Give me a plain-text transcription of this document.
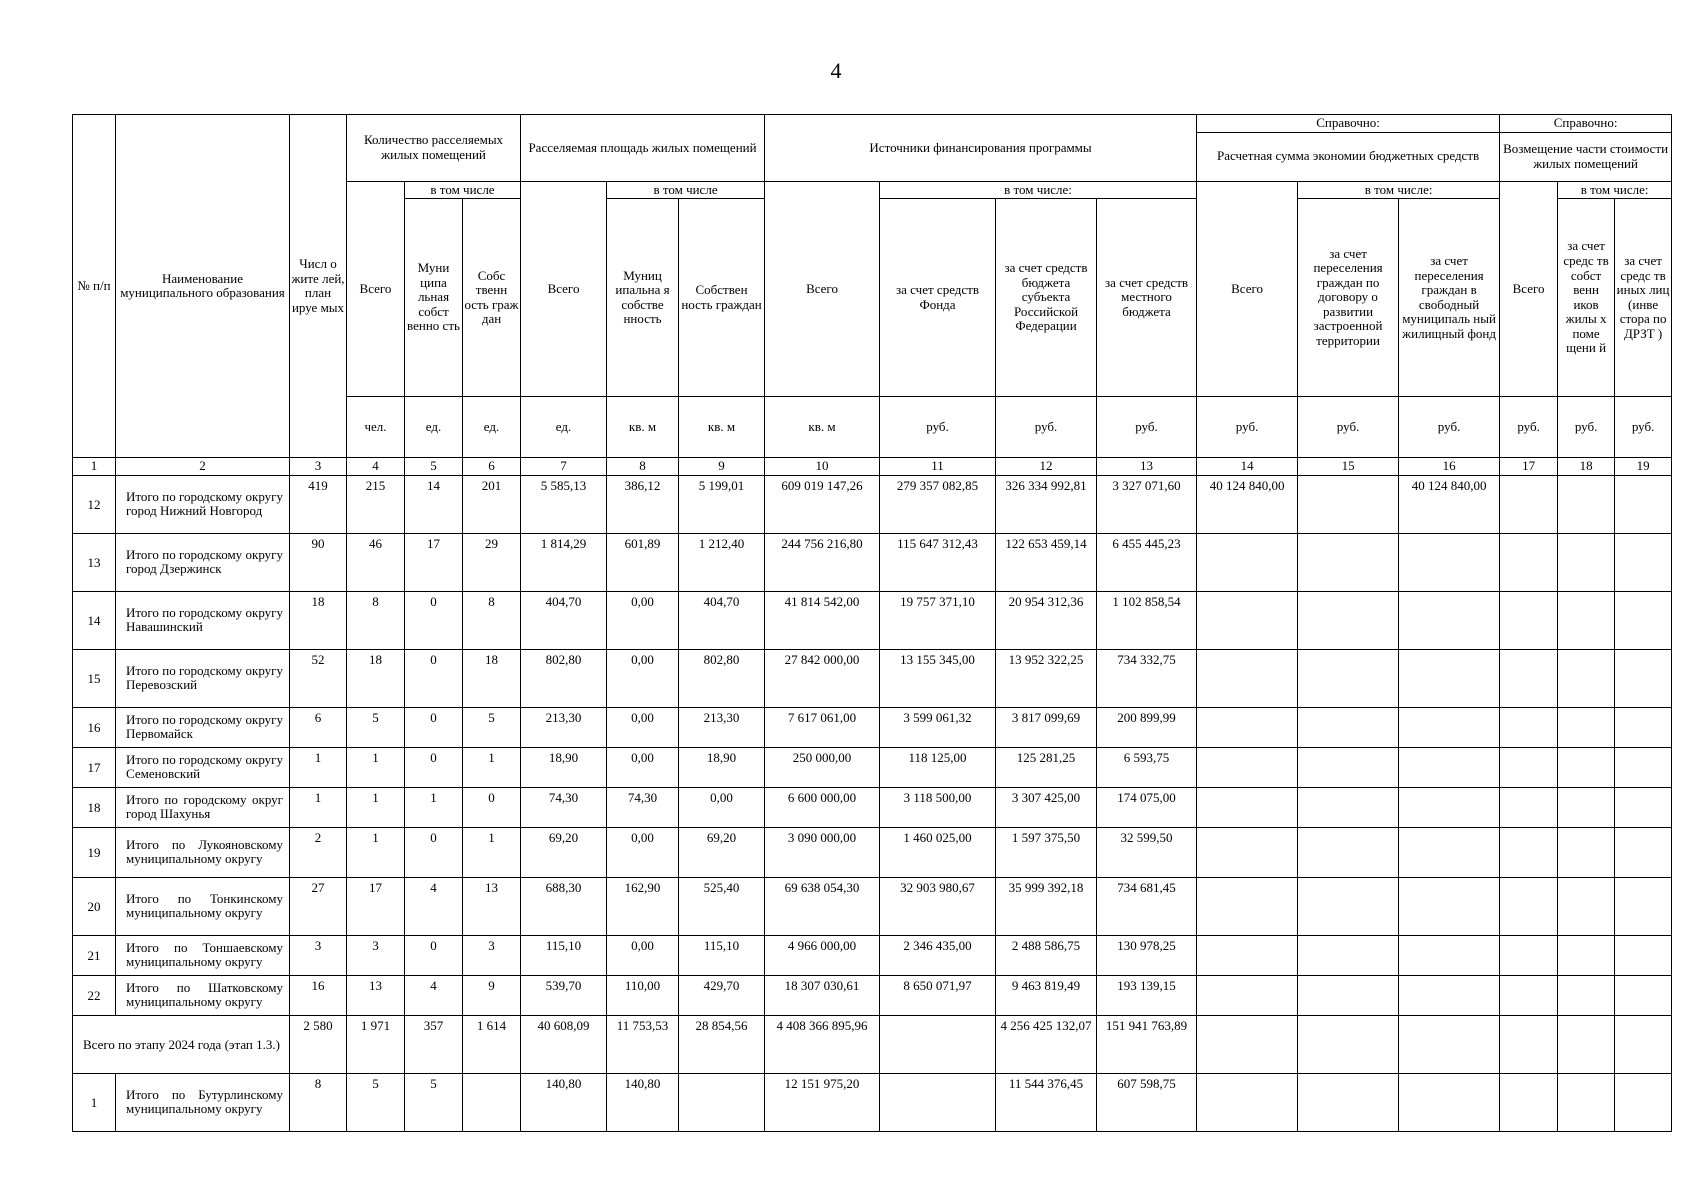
4
№ п/п	Наименование муниципального образования	Числ о жите лей, план ируе мых	Количество расселяемых жилых помещений			Расселяемая площадь жилых помещений			Источники финансирования программы				Справочно:			Справочно:			
													Расчетная сумма экономии бюджетных средств			Возмещение части стоимости жилых помещений			
			Всего	в том числе		Всего	в том числе		Всего	в том числе:			Всего	в том числе:		Всего	в том числе:		
				Муни ципа льная собст венно сть	Собс твенн ость граж дан		Муниц ипальна я собстве нность	Собствен ность граждан		за счет средств Фонда	за счет средств бюджета субъекта Российской Федерации	за счет средств местного бюджета		за счет переселения граждан по договору о развитии застроенной территории	за счет переселения граждан в свободный муниципаль ный жилищный фонд		за счет средс тв собст венн иков жилы х поме щени й	за счет средс тв иных лиц (инве стора по ДРЗТ )	
			чел.	ед.	ед.	ед.	кв. м	кв. м	кв. м	руб.	руб.	руб.	руб.	руб.	руб.	руб.	руб.	руб.	
1	2	3	4	5	6	7	8	9	10	11	12	13	14	15	16	17	18	19	
12	Итого по городскому округу город Нижний Новгород	419	215	14	201	5 585,13	386,12	5 199,01	609 019 147,26	279 357 082,85	326 334 992,81	3 327 071,60	40 124 840,00		40 124 840,00				
13	Итого по городскому округу город Дзержинск	90	46	17	29	1 814,29	601,89	1 212,40	244 756 216,80	115 647 312,43	122 653 459,14	6 455 445,23							
14	Итого по городскому округу Навашинский	18	8	0	8	404,70	0,00	404,70	41 814 542,00	19 757 371,10	20 954 312,36	1 102 858,54							
15	Итого по городскому округу Перевозский	52	18	0	18	802,80	0,00	802,80	27 842 000,00	13 155 345,00	13 952 322,25	734 332,75							
16	Итого по городскому округу Первомайск	6	5	0	5	213,30	0,00	213,30	7 617 061,00	3 599 061,32	3 817 099,69	200 899,99							
17	Итого по городскому округу Семеновский	1	1	0	1	18,90	0,00	18,90	250 000,00	118 125,00	125 281,25	6 593,75							
18	Итого по городскому округ город Шахунья	1	1	1	0	74,30	74,30	0,00	6 600 000,00	3 118 500,00	3 307 425,00	174 075,00							
19	Итого по Лукояновскому муниципальному округу	2	1	0	1	69,20	0,00	69,20	3 090 000,00	1 460 025,00	1 597 375,50	32 599,50							
20	Итого по Тонкинскому муниципальному округу	27	17	4	13	688,30	162,90	525,40	69 638 054,30	32 903 980,67	35 999 392,18	734 681,45							
21	Итого по Тоншаевскому муниципальному округу	3	3	0	3	115,10	0,00	115,10	4 966 000,00	2 346 435,00	2 488 586,75	130 978,25							
22	Итого по Шатковскому муниципальному округу	16	13	4	9	539,70	110,00	429,70	18 307 030,61	8 650 071,97	9 463 819,49	193 139,15							
Всего по этапу 2024 года (этап 1.3.)		2 580	1 971	357	1 614	40 608,09	11 753,53	28 854,56	4 408 366 895,96		4 256 425 132,07	151 941 763,89							
1	Итого по Бутурлинскому муниципальному округу	8	5	5		140,80	140,80		12 151 975,20		11 544 376,45	607 598,75							
